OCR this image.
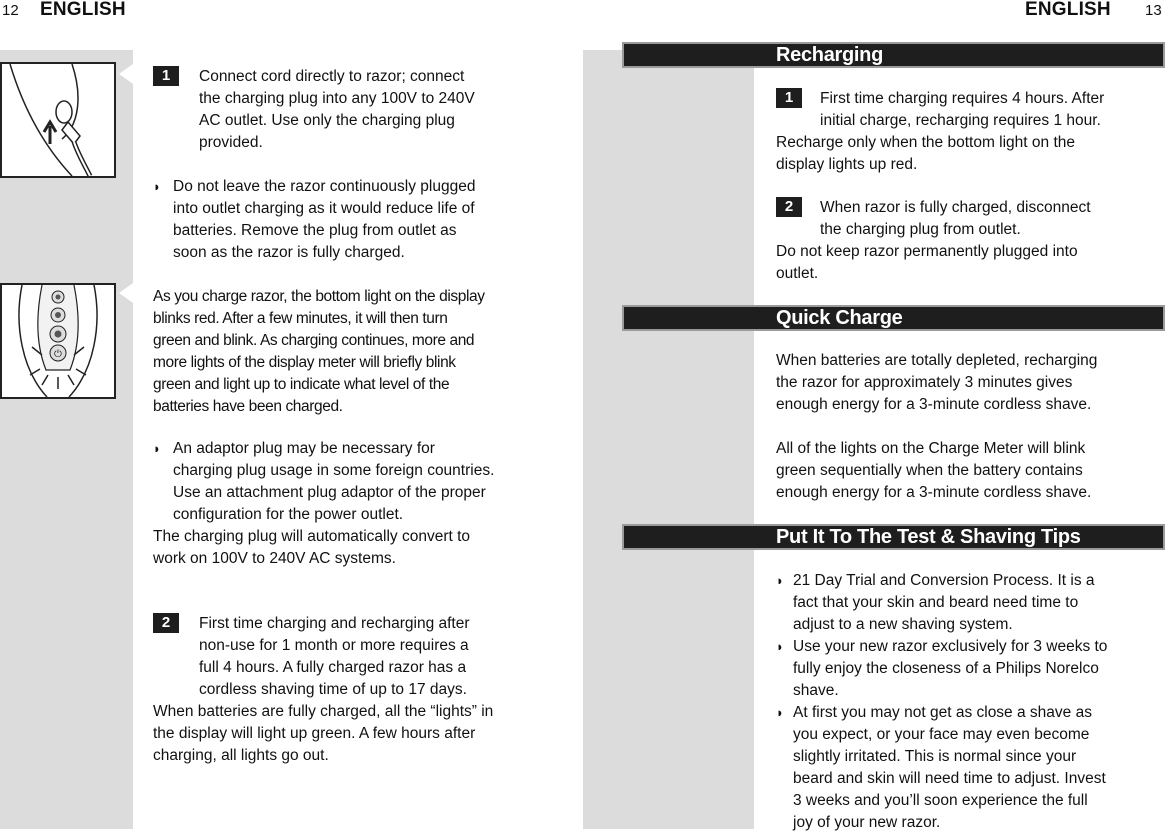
12 ENGLISH	ENGLISH 13
⏻
1	Connect cord directly to razor; connect
the charging plug into any 100V to 240V
AC outlet. Use only the charging plug
provided.
◗ Do not leave the razor continuously plugged
into outlet charging as it would reduce life of
batteries. Remove the plug from outlet as
soon as the razor is fully charged.
As you charge razor, the bottom light on the display
blinks red. After a few minutes, it will then turn
green and blink. As charging continues, more and
more lights of the display meter will briefly blink
green and light up to indicate what level of the
batteries have been charged.
◗ An adaptor plug may be necessary for
charging plug usage in some foreign countries.
Use an attachment plug adaptor of the proper
configuration for the power outlet.
The charging plug will automatically convert to
work on 100V to 240V AC systems.
2	First time charging and recharging after
non-use for 1 month or more requires a
full 4 hours. A fully charged razor has a
cordless shaving time of up to 17 days.
When batteries are fully charged, all the “lights” in
the display will light up green. A few hours after
charging, all lights go out.
Recharging
1	First time charging requires 4 hours. After
initial charge, recharging requires 1 hour.
Recharge only when the bottom light on the
display lights up red.
2	When razor is fully charged, disconnect
the charging plug from outlet.
Do not keep razor permanently plugged into
outlet.
Quick Charge
When batteries are totally depleted, recharging
the razor for approximately 3 minutes gives
enough energy for a 3-minute cordless shave.
All of the lights on the Charge Meter will blink
green sequentially when the battery contains
enough energy for a 3-minute cordless shave.
Put It To The Test & Shaving Tips
◗ 21 Day Trial and Conversion Process. It is a
fact that your skin and beard need time to
adjust to a new shaving system.
◗ Use your new razor exclusively for 3 weeks to
fully enjoy the closeness of a Philips Norelco
shave.
◗ At first you may not get as close a shave as
you expect, or your face may even become
slightly irritated. This is normal since your
beard and skin will need time to adjust. Invest
3 weeks and you’ll soon experience the full
joy of your new razor.
